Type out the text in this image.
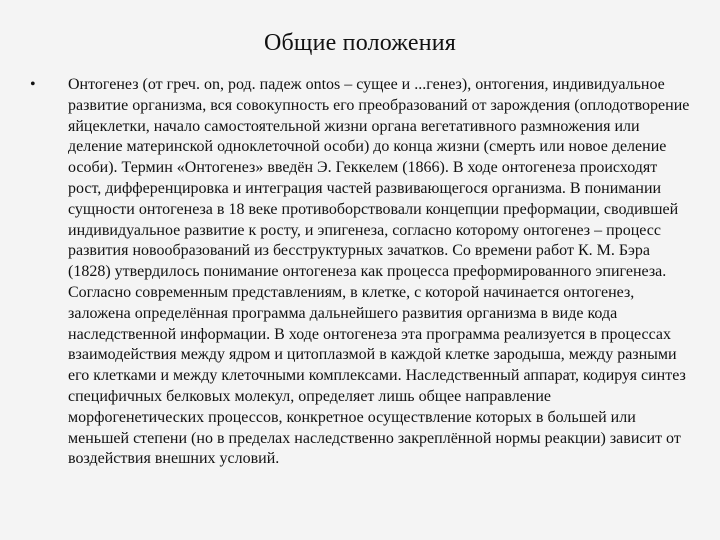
Общие положения
• Онтогенез (от греч. on, род. падеж ontos – сущее и ...генез), онтогения, индивидуальное развитие организма, вся совокупность его преобразований от зарождения (оплодотворение яйцеклетки, начало самостоятельной жизни органа вегетативного размножения или деление материнской одноклеточной особи) до конца жизни (смерть или новое деление особи). Термин «Онтогенез» введён Э. Геккелем (1866). В ходе онтогенеза происходят рост, дифференцировка и интеграция частей развивающегося организма. В понимании сущности онтогенеза в 18 веке противоборствовали концепции преформации, сводившей индивидуальное развитие к росту, и эпигенеза, согласно которому онтогенез – процесс развития новообразований из бесструктурных зачатков. Со времени работ К. М. Бэра (1828) утвердилось понимание онтогенеза как процесса преформированного эпигенеза. Согласно современным представлениям, в клетке, с которой начинается онтогенез, заложена определённая программа дальнейшего развития организма в виде кода наследственной информации. В ходе онтогенеза эта программа реализуется в процессах взаимодействия между ядром и цитоплазмой в каждой клетке зародыша, между разными его клетками и между клеточными комплексами. Наследственный аппарат, кодируя синтез специфичных белковых молекул, определяет лишь общее направление морфогенетических процессов, конкретное осуществление которых в большей или меньшей степени (но в пределах наследственно закреплённой нормы реакции) зависит от воздействия внешних условий.
